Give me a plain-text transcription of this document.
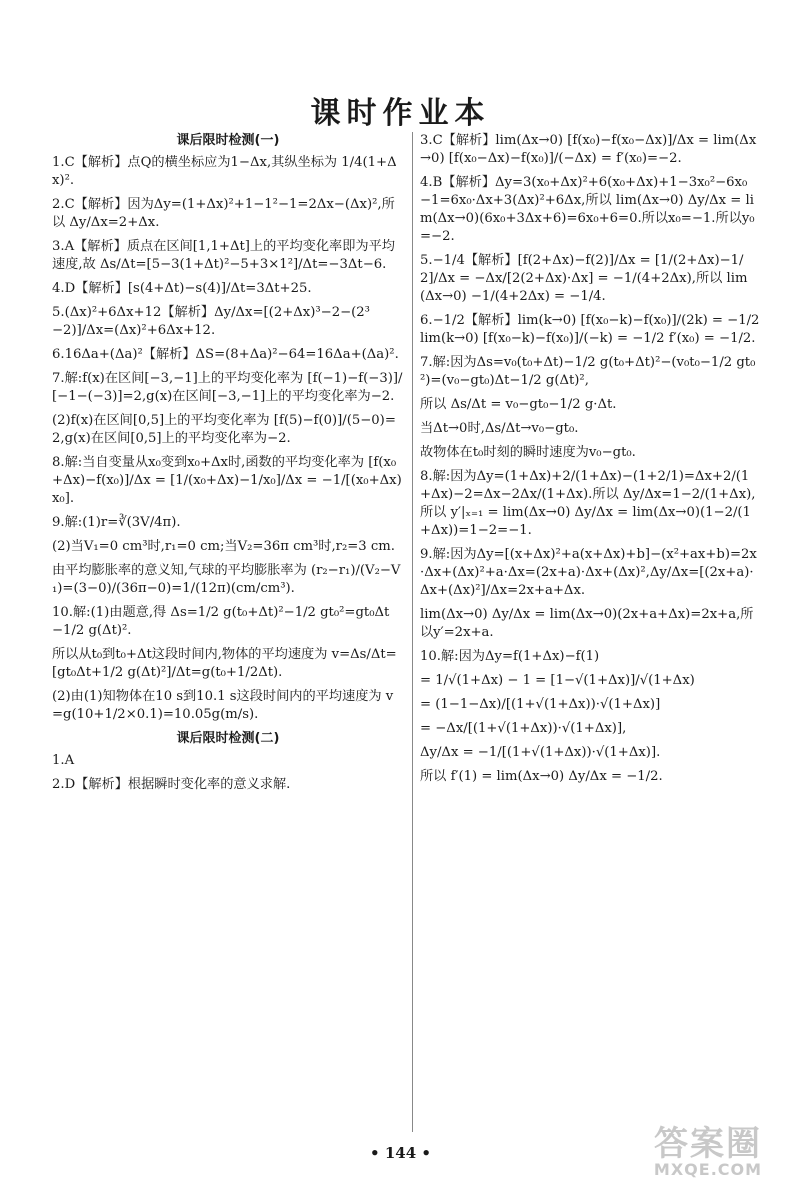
课时作业本
课后限时检测(一)
1.C【解析】点Q的横坐标应为1−Δx,其纵坐标为 1/4(1+Δx)².
2.C【解析】因为Δy=(1+Δx)²+1−1²−1=2Δx−(Δx)²,所以 Δy/Δx=2+Δx.
3.A【解析】质点在区间[1,1+Δt]上的平均变化率即为平均速度,故 Δs/Δt=[5−3(1+Δt)²−5+3×1²]/Δt=−3Δt−6.
4.D【解析】[s(4+Δt)−s(4)]/Δt=3Δt+25.
5.(Δx)²+6Δx+12【解析】Δy/Δx=[(2+Δx)³−2−(2³−2)]/Δx=(Δx)²+6Δx+12.
6.16Δa+(Δa)²【解析】ΔS=(8+Δa)²−64=16Δa+(Δa)².
7.解:f(x)在区间[−3,−1]上的平均变化率为 [f(−1)−f(−3)]/[−1−(−3)]=2,g(x)在区间[−3,−1]上的平均变化率为−2.
(2)f(x)在区间[0,5]上的平均变化率为 [f(5)−f(0)]/(5−0)=2,g(x)在区间[0,5]上的平均变化率为−2.
8.解:当自变量从x₀变到x₀+Δx时,函数的平均变化率为 [f(x₀+Δx)−f(x₀)]/Δx = [1/(x₀+Δx)−1/x₀]/Δx = −1/[(x₀+Δx)x₀].
9.解:(1)r=∛(3V/4π).
(2)当V₁=0 cm³时,r₁=0 cm;当V₂=36π cm³时,r₂=3 cm.
由平均膨胀率的意义知,气球的平均膨胀率为 (r₂−r₁)/(V₂−V₁)=(3−0)/(36π−0)=1/(12π)(cm/cm³).
10.解:(1)由题意,得 Δs=1/2 g(t₀+Δt)²−1/2 gt₀²=gt₀Δt−1/2 g(Δt)².
所以从t₀到t₀+Δt这段时间内,物体的平均速度为 v=Δs/Δt=[gt₀Δt+1/2 g(Δt)²]/Δt=g(t₀+1/2Δt).
(2)由(1)知物体在10 s到10.1 s这段时间内的平均速度为 v=g(10+1/2×0.1)=10.05g(m/s).
课后限时检测(二)
1.A
2.D【解析】根据瞬时变化率的意义求解.
3.C【解析】lim(Δx→0) [f(x₀)−f(x₀−Δx)]/Δx = lim(Δx→0) [f(x₀−Δx)−f(x₀)]/(−Δx) = f′(x₀)=−2.
4.B【解析】Δy=3(x₀+Δx)²+6(x₀+Δx)+1−3x₀²−6x₀−1=6x₀·Δx+3(Δx)²+6Δx,所以 lim(Δx→0) Δy/Δx = lim(Δx→0)(6x₀+3Δx+6)=6x₀+6=0.所以x₀=−1.所以y₀=−2.
5.−1/4【解析】[f(2+Δx)−f(2)]/Δx = [1/(2+Δx)−1/2]/Δx = −Δx/[2(2+Δx)·Δx] = −1/(4+2Δx),所以 lim(Δx→0) −1/(4+2Δx) = −1/4.
6.−1/2【解析】lim(k→0) [f(x₀−k)−f(x₀)]/(2k) = −1/2 lim(k→0) [f(x₀−k)−f(x₀)]/(−k) = −1/2 f′(x₀) = −1/2.
7.解:因为Δs=v₀(t₀+Δt)−1/2 g(t₀+Δt)²−(v₀t₀−1/2 gt₀²)=(v₀−gt₀)Δt−1/2 g(Δt)²,
所以 Δs/Δt = v₀−gt₀−1/2 g·Δt.
当Δt→0时,Δs/Δt→v₀−gt₀.
故物体在t₀时刻的瞬时速度为v₀−gt₀.
8.解:因为Δy=(1+Δx)+2/(1+Δx)−(1+2/1)=Δx+2/(1+Δx)−2=Δx−2Δx/(1+Δx).所以 Δy/Δx=1−2/(1+Δx),所以 y′|ₓ₌₁ = lim(Δx→0) Δy/Δx = lim(Δx→0)(1−2/(1+Δx))=1−2=−1.
9.解:因为Δy=[(x+Δx)²+a(x+Δx)+b]−(x²+ax+b)=2x·Δx+(Δx)²+a·Δx=(2x+a)·Δx+(Δx)²,Δy/Δx=[(2x+a)·Δx+(Δx)²]/Δx=2x+a+Δx.
lim(Δx→0) Δy/Δx = lim(Δx→0)(2x+a+Δx)=2x+a,所以y′=2x+a.
10.解:因为Δy=f(1+Δx)−f(1)
= 1/√(1+Δx) − 1 = [1−√(1+Δx)]/√(1+Δx)
= (1−1−Δx)/[(1+√(1+Δx))·√(1+Δx)]
= −Δx/[(1+√(1+Δx))·√(1+Δx)],
Δy/Δx = −1/[(1+√(1+Δx))·√(1+Δx)].
所以 f′(1) = lim(Δx→0) Δy/Δx = −1/2.
• 144 •	答案圈
MXQE.COM
